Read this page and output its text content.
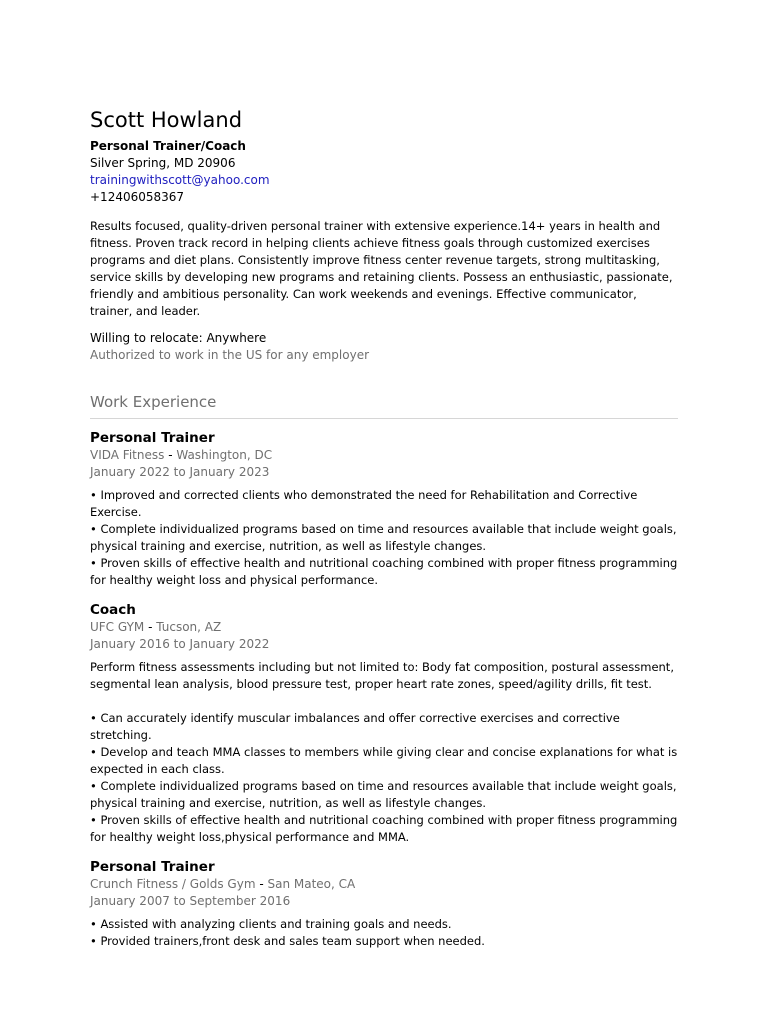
Scott Howland
Personal Trainer/Coach
Silver Spring, MD 20906
trainingwithscott@yahoo.com
+12406058367
Results focused, quality-driven personal trainer with extensive experience.14+ years in health and fitness. Proven track record in helping clients achieve fitness goals through customized exercises programs and diet plans. Consistently improve fitness center revenue targets, strong multitasking, service skills by developing new programs and retaining clients. Possess an enthusiastic, passionate, friendly and ambitious personality. Can work weekends and evenings. Effective communicator, trainer, and leader.
Willing to relocate: Anywhere
Authorized to work in the US for any employer
Work Experience
Personal Trainer
VIDA Fitness - Washington, DC
January 2022 to January 2023
• Improved and corrected clients who demonstrated the need for Rehabilitation and Corrective Exercise.
• Complete individualized programs based on time and resources available that include weight goals, physical training and exercise, nutrition, as well as lifestyle changes.
• Proven skills of effective health and nutritional coaching combined with proper fitness programming for healthy weight loss and physical performance.
Coach
UFC GYM - Tucson, AZ
January 2016 to January 2022
Perform fitness assessments including but not limited to: Body fat composition, postural assessment, segmental lean analysis, blood pressure test, proper heart rate zones, speed/agility drills, fit test.
• Can accurately identify muscular imbalances and offer corrective exercises and corrective stretching.
• Develop and teach MMA classes to members while giving clear and concise explanations for what is expected in each class.
• Complete individualized programs based on time and resources available that include weight goals, physical training and exercise, nutrition, as well as lifestyle changes.
• Proven skills of effective health and nutritional coaching combined with proper fitness programming for healthy weight loss,physical performance and MMA.
Personal Trainer
Crunch Fitness / Golds Gym - San Mateo, CA
January 2007 to September 2016
• Assisted with analyzing clients and training goals and needs.
• Provided trainers,front desk and sales team support when needed.
